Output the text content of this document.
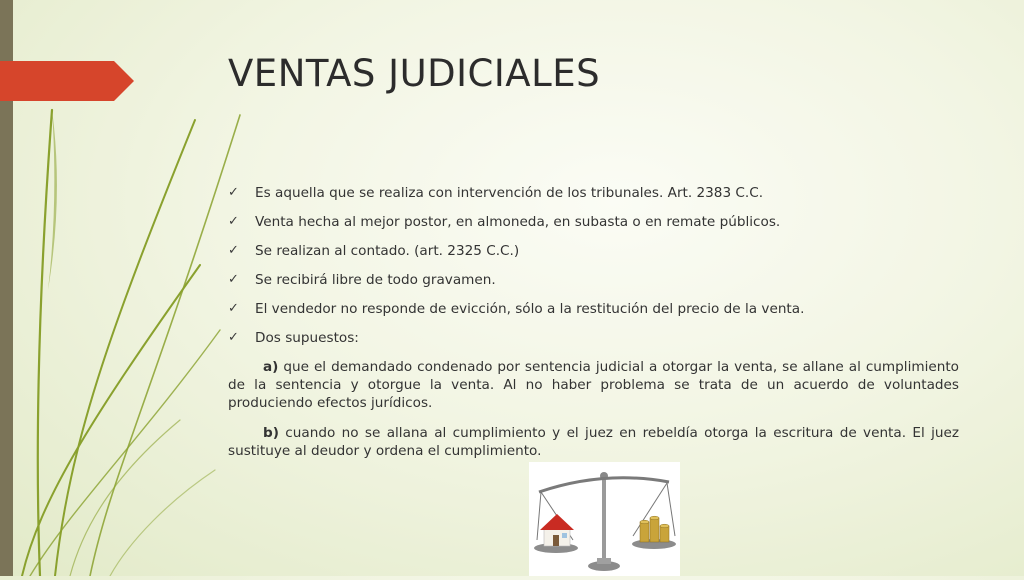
VENTAS JUDICIALES
✓ Es aquella que se realiza con intervención de los tribunales. Art. 2383 C.C.
✓ Venta hecha al mejor postor, en almoneda, en subasta o en remate públicos.
✓ Se realizan al contado. (art. 2325 C.C.)
✓ Se recibirá libre de todo gravamen.
✓ El vendedor no responde de evicción, sólo a la restitución del precio de la venta.
✓ Dos supuestos:

a) que el demandado condenado por sentencia judicial a otorgar la venta, se allane al cumplimiento de la sentencia y otorgue la venta. Al no haber problema se trata de un acuerdo de voluntades produciendo efectos jurídicos.

b) cuando no se allana al cumplimiento y el juez en rebeldía otorga la escritura de venta. El juez sustituye al deudor y ordena el cumplimiento.
